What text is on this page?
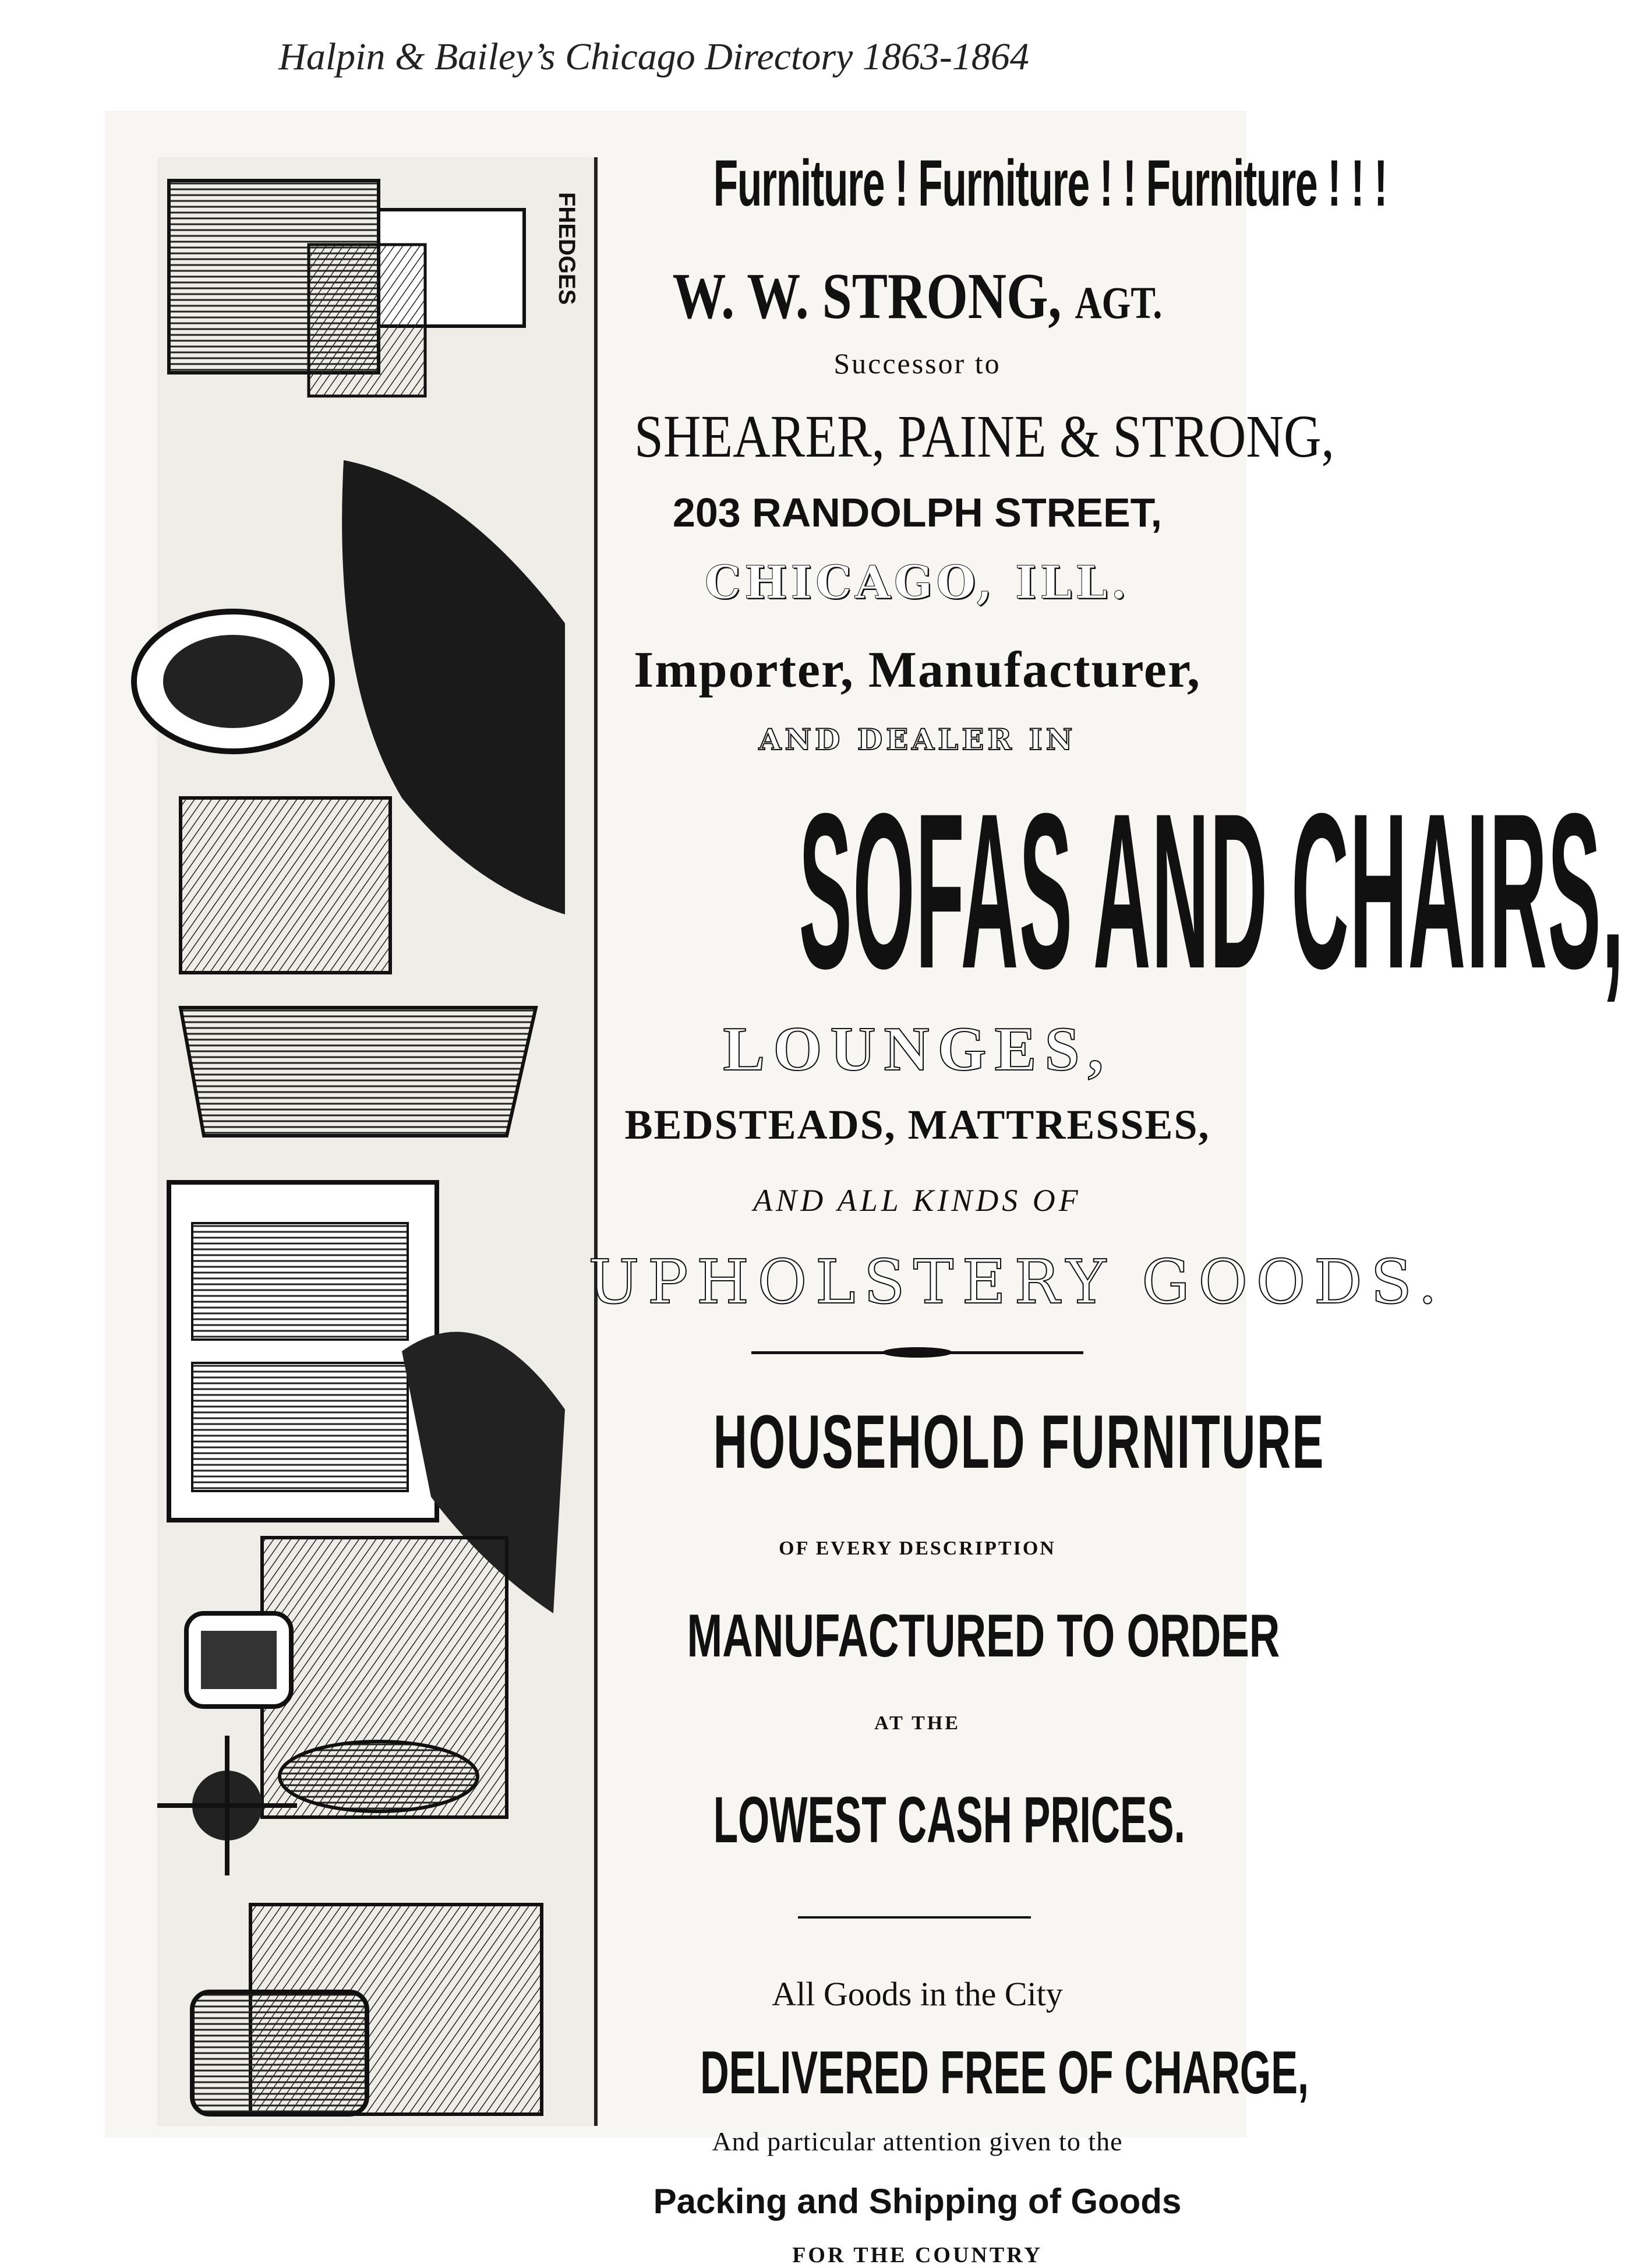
Halpin & Bailey’s Chicago Directory 1863-1864
FHEDGES
Furniture ! Furniture ! ! Furniture ! ! !
W. W. STRONG, AGT.
Successor to
SHEARER, PAINE & STRONG,
203 RANDOLPH STREET,
CHICAGO, ILL.
Importer, Manufacturer,
AND DEALER IN
SOFAS AND CHAIRS,
LOUNGES,
BEDSTEADS, MATTRESSES,
AND ALL KINDS OF
UPHOLSTERY GOODS.
HOUSEHOLD FURNITURE
OF EVERY DESCRIPTION
MANUFACTURED TO ORDER
AT THE
LOWEST CASH PRICES.
All Goods in the City
DELIVERED FREE OF CHARGE,
And particular attention given to the
Packing and Shipping of Goods
FOR THE COUNTRY
